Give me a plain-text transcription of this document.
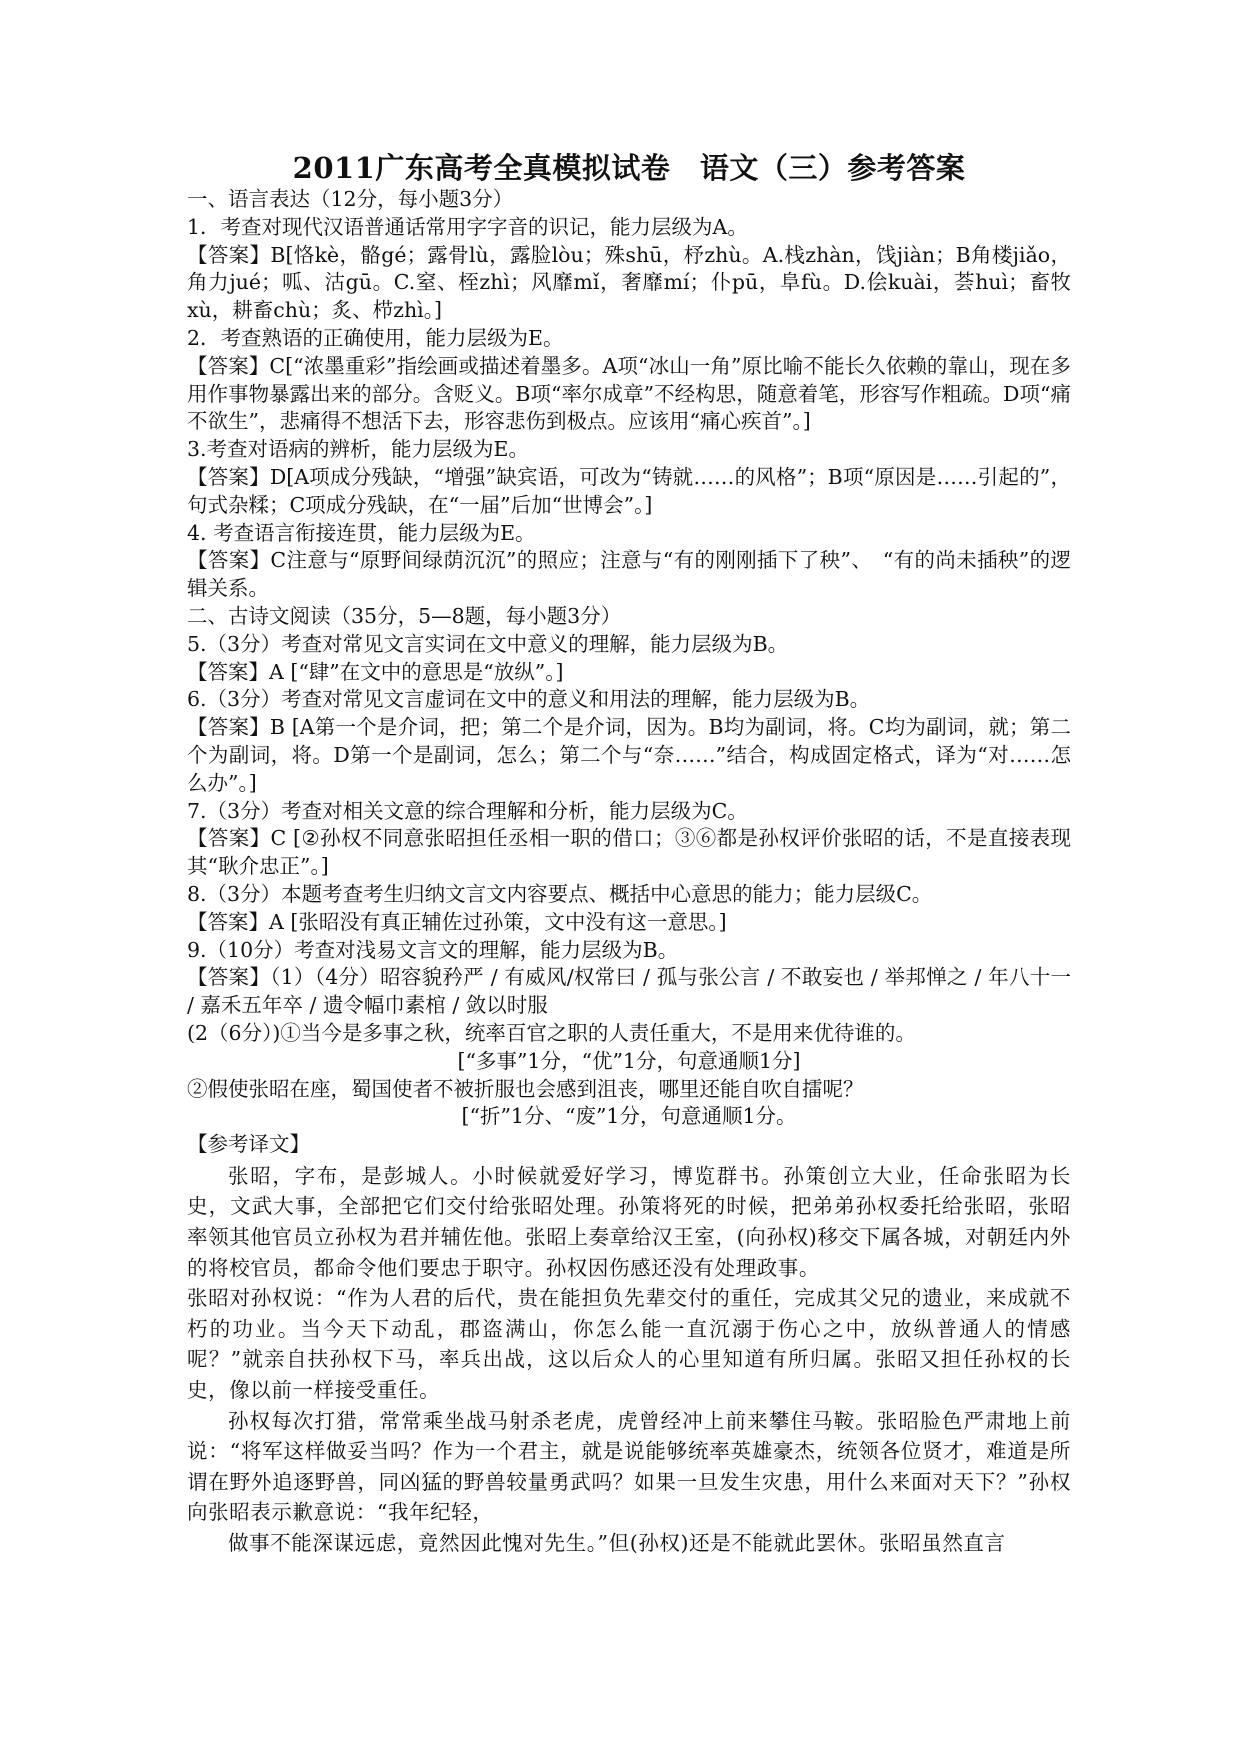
2011广东高考全真模拟试卷　语文（三）参考答案
一、语言表达（12分，每小题3分）
1．考查对现代汉语普通话常用字字音的识记，能力层级为A。
【答案】B[恪kè，骼gé；露骨lù，露脸lòu；殊shū，杼zhù。A.栈zhàn，饯jiàn；B角楼jiǎo，角力jué；呱、沽gū。C.窒、桎zhì；风靡mǐ，奢靡mí；仆pū，阜fù。D.侩kuài，荟huì；畜牧xù，耕畜chù；炙、栉zhì。]
2．考查熟语的正确使用，能力层级为E。
【答案】C[“浓墨重彩”指绘画或描述着墨多。A项“冰山一角”原比喻不能长久依赖的靠山，现在多用作事物暴露出来的部分。含贬义。B项“率尔成章”不经构思，随意着笔，形容写作粗疏。D项“痛不欲生”，悲痛得不想活下去，形容悲伤到极点。应该用“痛心疾首”。]
3.考查对语病的辨析，能力层级为E。
【答案】D[A项成分残缺，“增强”缺宾语，可改为“铸就……的风格”；B项“原因是……引起的”，句式杂糅；C项成分残缺，在“一届”后加“世博会”。]
4. 考查语言衔接连贯，能力层级为E。
【答案】C注意与“原野间绿荫沉沉”的照应；注意与“有的刚刚插下了秧”、　“有的尚未插秧”的逻辑关系。
二、古诗文阅读（35分，5—8题，每小题3分）
5.（3分）考查对常见文言实词在文中意义的理解，能力层级为B。
【答案】A [“肆”在文中的意思是“放纵”。]
6.（3分）考查对常见文言虚词在文中的意义和用法的理解，能力层级为B。
【答案】B [A第一个是介词，把；第二个是介词，因为。B均为副词，将。C均为副词，就；第二个为副词，将。D第一个是副词，怎么；第二个与“奈……”结合，构成固定格式，译为“对……怎么办”。]
7.（3分）考查对相关文意的综合理解和分析，能力层级为C。
【答案】C [②孙权不同意张昭担任丞相一职的借口；③⑥都是孙权评价张昭的话，不是直接表现其“耿介忠正”。]
8.（3分）本题考查考生归纳文言文内容要点、概括中心意思的能力；能力层级C。
【答案】A [张昭没有真正辅佐过孙策，文中没有这一意思。]
9.（10分）考查对浅易文言文的理解，能力层级为B。
【答案】（1）（4分）昭容貌矜严 / 有威风/权常曰 / 孤与张公言 / 不敢妄也 / 举邦惮之 / 年八十一 / 嘉禾五年卒 / 遗令幅巾素棺 / 敛以时服
(2（6分）)①当今是多事之秋，统率百官之职的人责任重大，不是用来优待谁的。
[“多事”1分，“优”1分，句意通顺1分]
②假使张昭在座，蜀国使者不被折服也会感到沮丧，哪里还能自吹自擂呢？
[“折”1分、“废”1分，句意通顺1分。
【参考译文】
张昭，字布，是彭城人。小时候就爱好学习，博览群书。孙策创立大业，任命张昭为长史，文武大事，全部把它们交付给张昭处理。孙策将死的时候，把弟弟孙权委托给张昭，张昭率领其他官员立孙权为君并辅佐他。张昭上奏章给汉王室，(向孙权)移交下属各城，对朝廷内外的将校官员，都命令他们要忠于职守。孙权因伤感还没有处理政事。
张昭对孙权说：“作为人君的后代，贵在能担负先辈交付的重任，完成其父兄的遗业，来成就不朽的功业。当今天下动乱，郡盗满山，你怎么能一直沉溺于伤心之中，放纵普通人的情感呢？”就亲自扶孙权下马，率兵出战，这以后众人的心里知道有所归属。张昭又担任孙权的长史，像以前一样接受重任。
孙权每次打猎，常常乘坐战马射杀老虎，虎曾经冲上前来攀住马鞍。张昭脸色严肃地上前说：“将军这样做妥当吗？作为一个君主，就是说能够统率英雄豪杰，统领各位贤才，难道是所谓在野外追逐野兽，同凶猛的野兽较量勇武吗？如果一旦发生灾患，用什么来面对天下？”孙权向张昭表示歉意说：“我年纪轻，
做事不能深谋远虑，竟然因此愧对先生。”但(孙权)还是不能就此罢休。张昭虽然直言
